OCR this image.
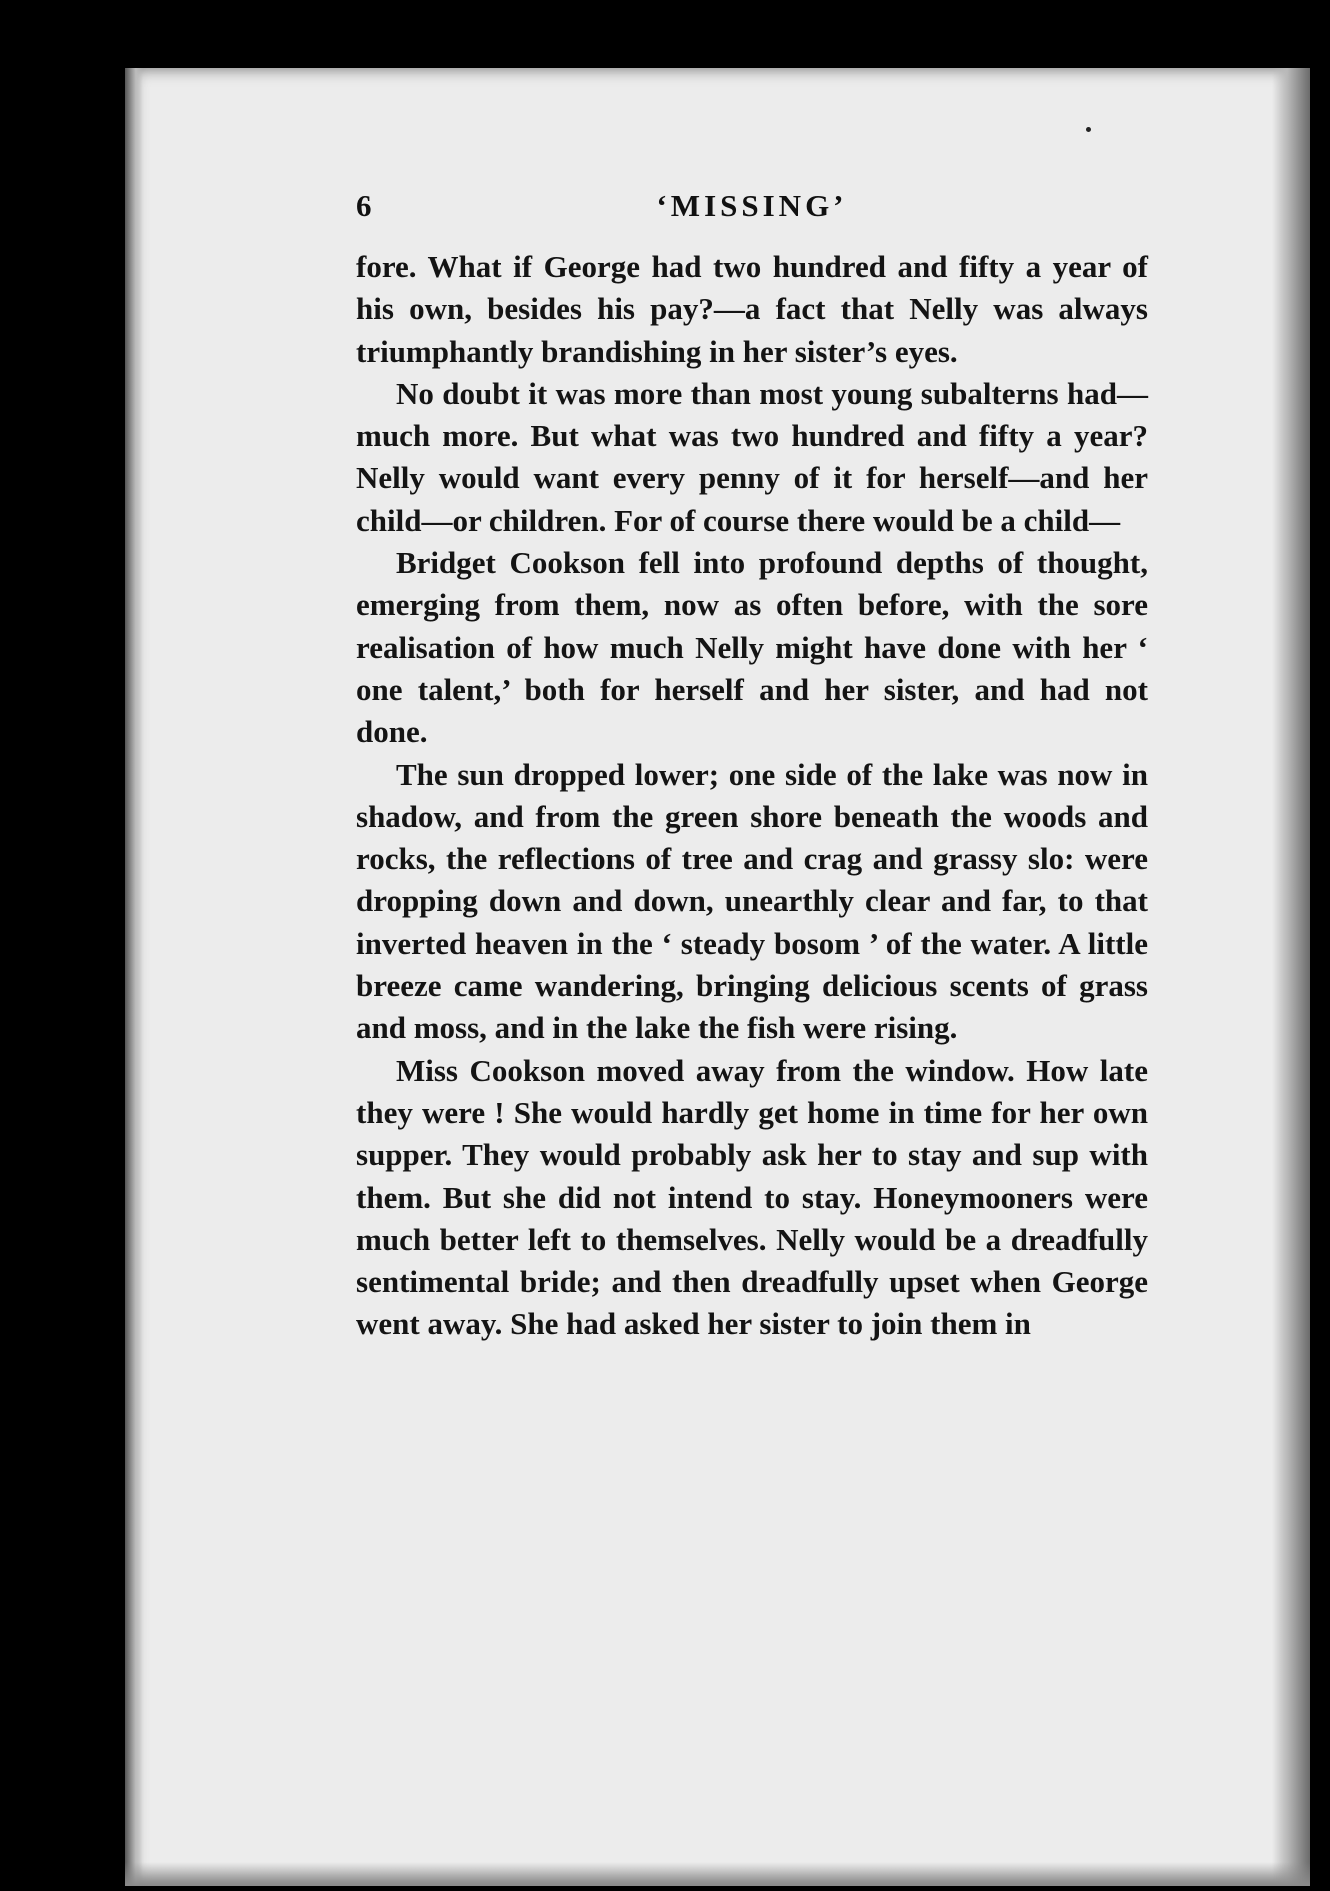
6	‘MISSING’

fore. What if George had two hundred and fifty a year of his own, besides his pay?—a fact that Nelly was always triumphantly brandishing in her sister’s eyes.

No doubt it was more than most young subalterns had—much more. But what was two hundred and fifty a year? Nelly would want every penny of it for herself—and her child—or children. For of course there would be a child—

Bridget Cookson fell into profound depths of thought, emerging from them, now as often before, with the sore realisation of how much Nelly might have done with her ‘ one talent,’ both for herself and her sister, and had not done.

The sun dropped lower; one side of the lake was now in shadow, and from the green shore beneath the woods and rocks, the reflections of tree and crag and grassy slo: were dropping down and down, unearthly clear and far, to that inverted heaven in the ‘ steady bosom ’ of the water. A little breeze came wandering, bringing delicious scents of grass and moss, and in the lake the fish were rising.

Miss Cookson moved away from the window. How late they were ! She would hardly get home in time for her own supper. They would probably ask her to stay and sup with them. But she did not intend to stay. Honeymooners were much better left to themselves. Nelly would be a dreadfully sentimental bride; and then dreadfully upset when George went away. She had asked her sister to join them in
